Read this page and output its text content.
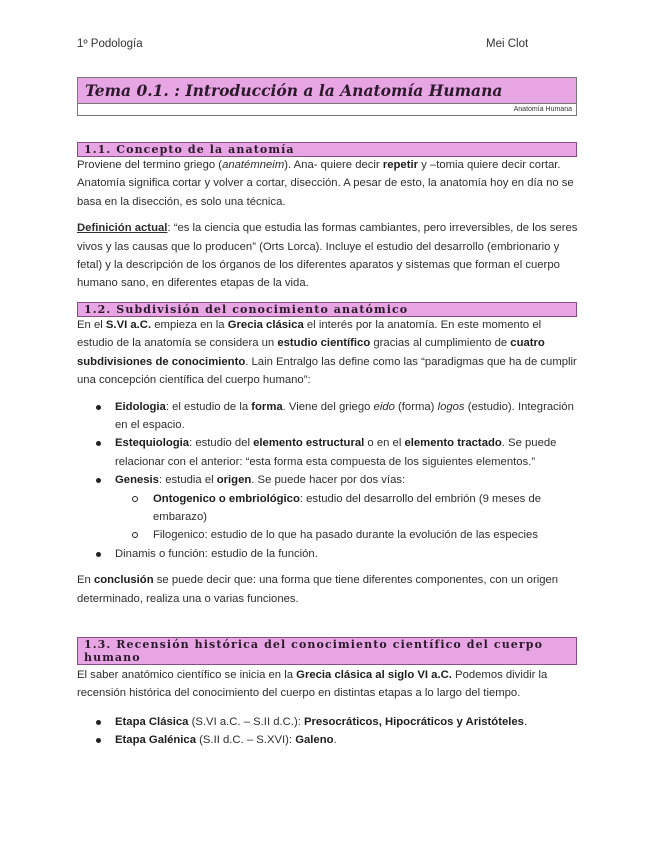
1º Podología	Mei Clot
Tema 0.1. : Introducción a la Anatomía Humana
Anatomía Humana
1.1. Concepto de la anatomía

Proviene del termino griego (anatémneim). Ana- quiere decir repetir y –tomia quiere decir cortar. Anatomía significa cortar y volver a cortar, disección. A pesar de esto, la anatomía hoy en día no se basa en la disección, es solo una técnica.

Definición actual: “es la ciencia que estudia las formas cambiantes, pero irreversibles, de los seres vivos y las causas que lo producen” (Orts Lorca). Incluye el estudio del desarrollo (embrionario y fetal) y la descripción de los órganos de los diferentes aparatos y sistemas que forman el cuerpo humano sano, en diferentes etapas de la vida.

1.2. Subdivisión del conocimiento anatómico

En el S.VI a.C. empieza en la Grecia clásica el interés por la anatomía. En este momento el estudio de la anatomía se considera un estudio científico gracias al cumplimiento de cuatro subdivisiones de conocimiento. Lain Entralgo las define como las “paradigmas que ha de cumplir una concepción científica del cuerpo humano”:

Eidologia: el estudio de la forma. Viene del griego eido (forma) logos (estudio). Integración en el espacio.
Estequiologia: estudio del elemento estructural o en el elemento tractado. Se puede relacionar con el anterior: “esta forma esta compuesta de los siguientes elementos.”
Genesis: estudia el origen. Se puede hacer por dos vías:
Ontogenico o embriológico: estudio del desarrollo del embrión (9 meses de embarazo)
Filogenico: estudio de lo que ha pasado durante la evolución de las especies
Dinamis o función: estudio de la función.

En conclusión se puede decir que: una forma que tiene diferentes componentes, con un origen determinado, realiza una o varias funciones.

1.3. Recensión histórica del conocimiento científico del cuerpo humano

El saber anatómico científico se inicia en la Grecia clásica al siglo VI a.C. Podemos dividir la recensión histórica del conocimiento del cuerpo en distintas etapas a lo largo del tiempo.

Etapa Clásica (S.VI a.C. – S.II d.C.): Presocráticos, Hipocráticos y Aristóteles.
Etapa Galénica (S.II d.C. – S.XVI): Galeno.
